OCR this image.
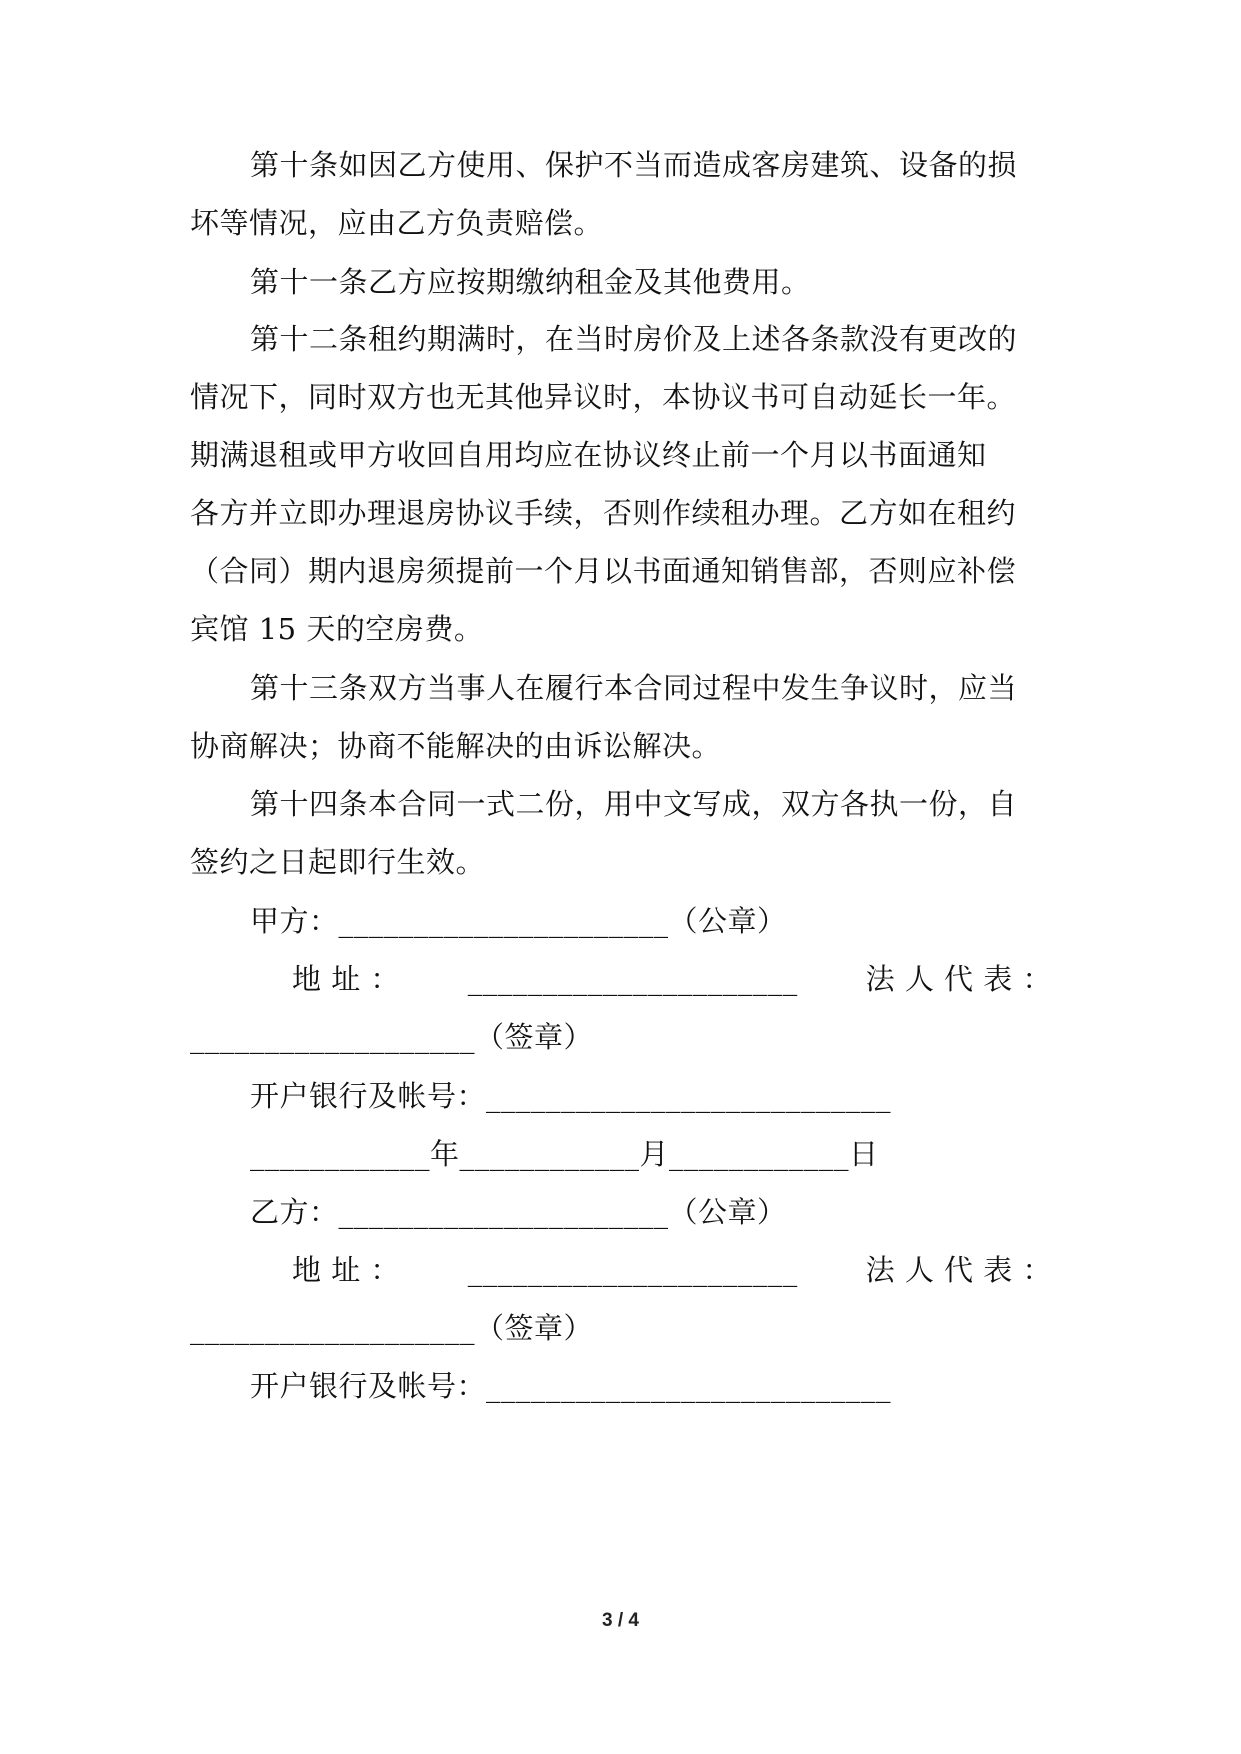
第十条如因乙方使用、保护不当而造成客房建筑、设备的损
坏等情况，应由乙方负责赔偿。
第十一条乙方应按期缴纳租金及其他费用。
第十二条租约期满时，在当时房价及上述各条款没有更改的
情况下，同时双方也无其他异议时，本协议书可自动延长一年。
期满退租或甲方收回自用均应在协议终止前一个月以书面通知
各方并立即办理退房协议手续，否则作续租办理。乙方如在租约
（合同）期内退房须提前一个月以书面通知销售部，否则应补偿
宾馆 15 天的空房费。
第十三条双方当事人在履行本合同过程中发生争议时，应当
协商解决；协商不能解决的由诉讼解决。
第十四条本合同一式二份，用中文写成，双方各执一份，自
签约之日起即行生效。
甲方：______________________（公章）
地 址 ： ______________________ 法 人 代 表 ：
___________________（签章）
开户银行及帐号：___________________________
____________年____________月____________日
乙方：______________________（公章）
地 址 ： ______________________ 法 人 代 表 ：
___________________（签章）
开户银行及帐号：___________________________
3 / 4
